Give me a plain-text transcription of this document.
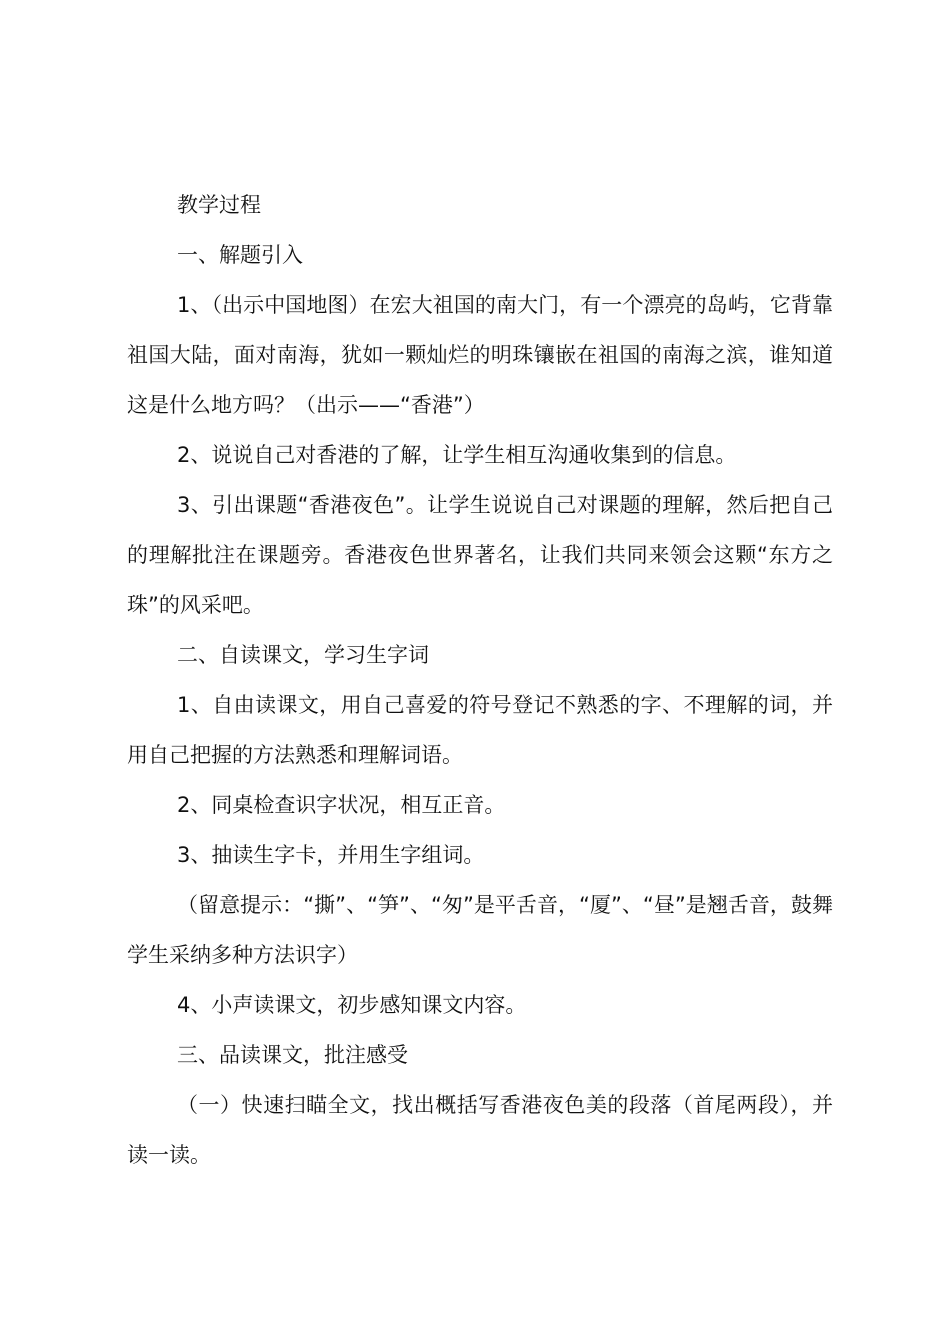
教学过程

一、解题引入

1、（出示中国地图）在宏大祖国的南大门，有一个漂亮的岛屿，它背靠祖国大陆，面对南海，犹如一颗灿烂的明珠镶嵌在祖国的南海之滨，谁知道这是什么地方吗？（出示——“香港”）

2、说说自己对香港的了解，让学生相互沟通收集到的信息。

3、引出课题“香港夜色”。让学生说说自己对课题的理解，然后把自己的理解批注在课题旁。香港夜色世界著名，让我们共同来领会这颗“东方之珠”的风采吧。

二、自读课文，学习生字词

1、自由读课文，用自己喜爱的符号登记不熟悉的字、不理解的词，并用自己把握的方法熟悉和理解词语。

2、同桌检查识字状况，相互正音。

3、抽读生字卡，并用生字组词。

（留意提示：“撕”、“笋”、“匆”是平舌音，“厦”、“昼”是翘舌音，鼓舞学生采纳多种方法识字）

4、小声读课文，初步感知课文内容。

三、品读课文，批注感受

（一）快速扫瞄全文，找出概括写香港夜色美的段落（首尾两段），并读一读。
